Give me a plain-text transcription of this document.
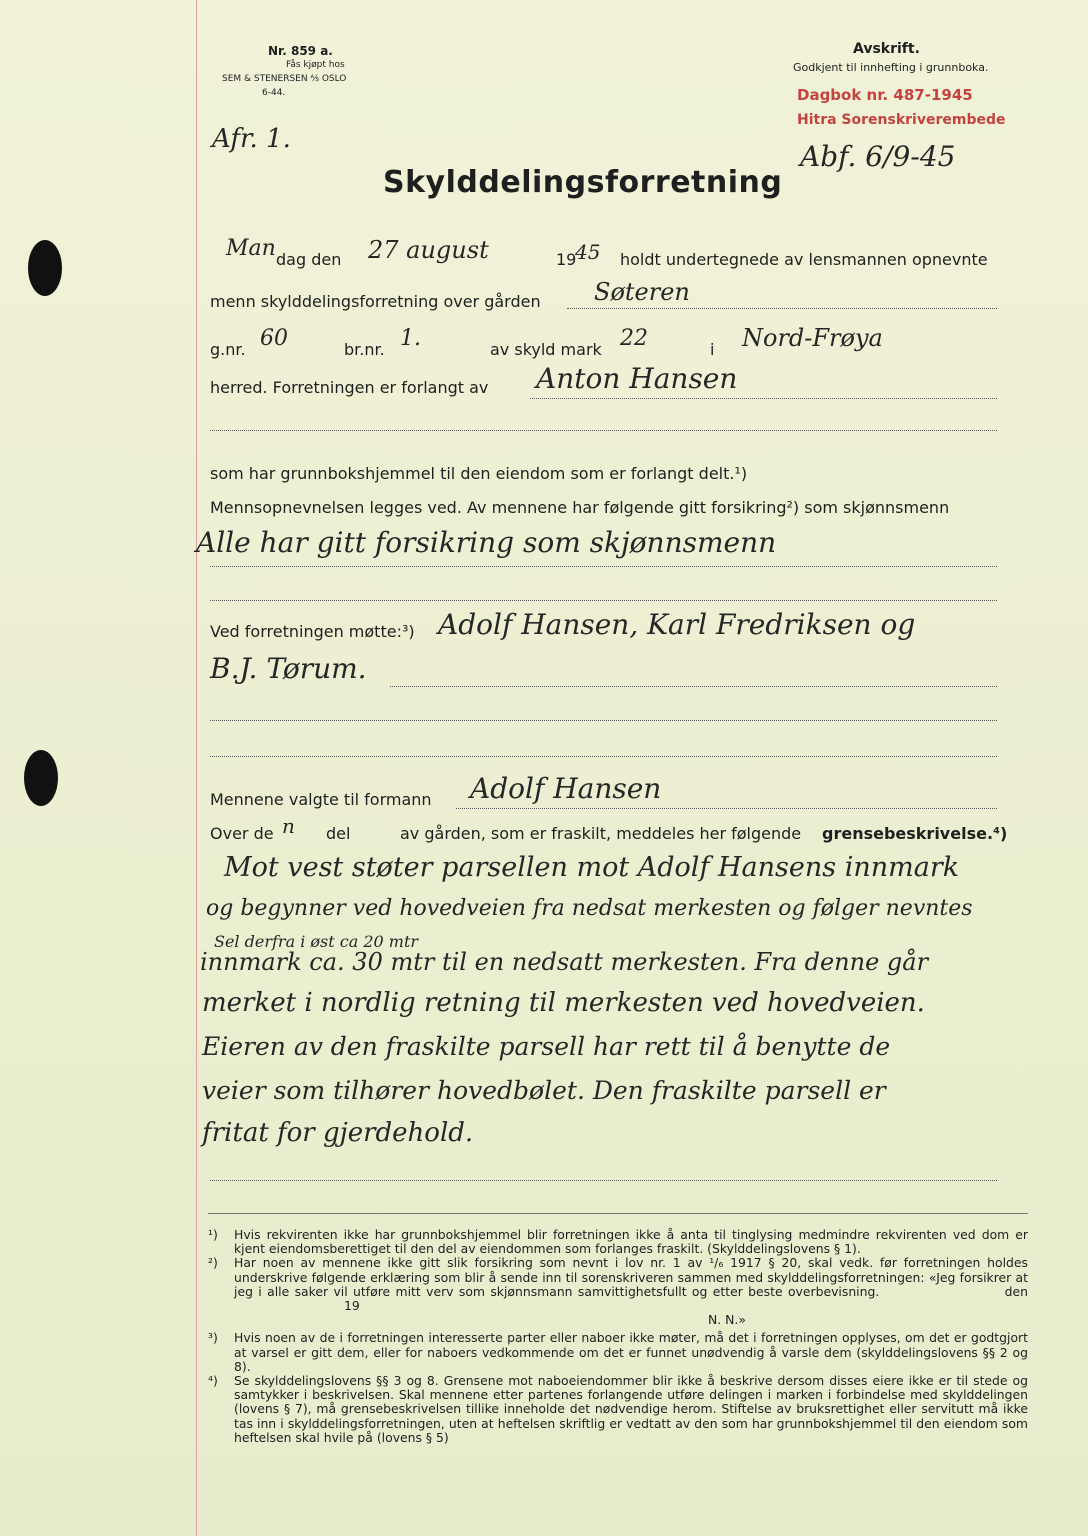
Nr. 859 a.
Fås kjøpt hos
SEM & STENERSEN ⅍ OSLO
6-44.
Avskrift.
Godkjent til innhefting i grunnboka.
Dagbok nr. 487-1945
Hitra Sorenskriverembede
Abf. 6/9-45
Afr. 1.
Skylddelingsforretning
Man dag den 27 august	19
45 holdt undertegnede av lensmannen opnevnte
menn skylddelingsforretning over gården Søteren
g.nr. 60	br.nr. 1.	av skyld mark 22	i Nord-Frøya
herred. Forretningen er forlangt av Anton Hansen
som har grunnbokshjemmel til den eiendom som er forlangt delt.¹)
Mennsopnevnelsen legges ved. Av mennene har følgende gitt forsikring²) som skjønnsmenn
Alle har gitt forsikring som skjønnsmenn
Ved forretningen møtte:³) Adolf Hansen, Karl Fredriksen og
B.J. Tørum.
Mennene valgte til formann Adolf Hansen
Over de n del	av gården, som er fraskilt, meddeles her følgende grensebeskrivelse.⁴)
Mot vest støter parsellen mot Adolf Hansens innmark
og begynner ved hovedveien fra nedsat merkesten og følger nevntes
Sel derfra i øst ca 20 mtr
innmark ca. 30 mtr til en nedsatt merkesten. Fra denne går
merket i nordlig retning til merkesten ved hovedveien.
Eieren av den fraskilte parsell har rett til å benytte de
veier som tilhører hovedbølet. Den fraskilte parsell er
fritat for gjerdehold.
¹)	Hvis rekvirenten ikke har grunnbokshjemmel blir forretningen ikke å anta til tinglysing medmindre rekvirenten ved dom er kjent eiendomsberettiget til den del av eiendommen som forlanges fraskilt. (Skylddelingslovens § 1).
²)	Har noen av mennene ikke gitt slik forsikring som nevnt i lov nr. 1 av ¹/₆ 1917 § 20, skal vedk. før forretningen holdes underskrive følgende erklæring som blir å sende inn til sorenskriveren sammen med skylddelingsforretningen: «Jeg forsikrer at jeg i alle saker vil utføre mitt verv som skjønnsmann samvittighetsfullt og etter beste overbevisning.	den 19
N. N.»
³)	Hvis noen av de i forretningen interesserte parter eller naboer ikke møter, må det i forretningen opplyses, om det er godtgjort at varsel er gitt dem, eller for naboers vedkommende om det er funnet unødvendig å varsle dem (skylddelingslovens §§ 2 og 8).
⁴)	Se skylddelingslovens §§ 3 og 8. Grensene mot naboeiendommer blir ikke å beskrive dersom disses eiere ikke er til stede og samtykker i beskrivelsen. Skal mennene etter partenes forlangende utføre delingen i marken i forbindelse med skylddelingen (lovens § 7), må grensebeskrivelsen tillike inneholde det nødvendige herom. Stiftelse av bruksrettighet eller servitutt må ikke tas inn i skylddelingsforretningen, uten at heftelsen skriftlig er vedtatt av den som har grunnbokshjemmel til den eiendom som heftelsen skal hvile på (lovens § 5)
